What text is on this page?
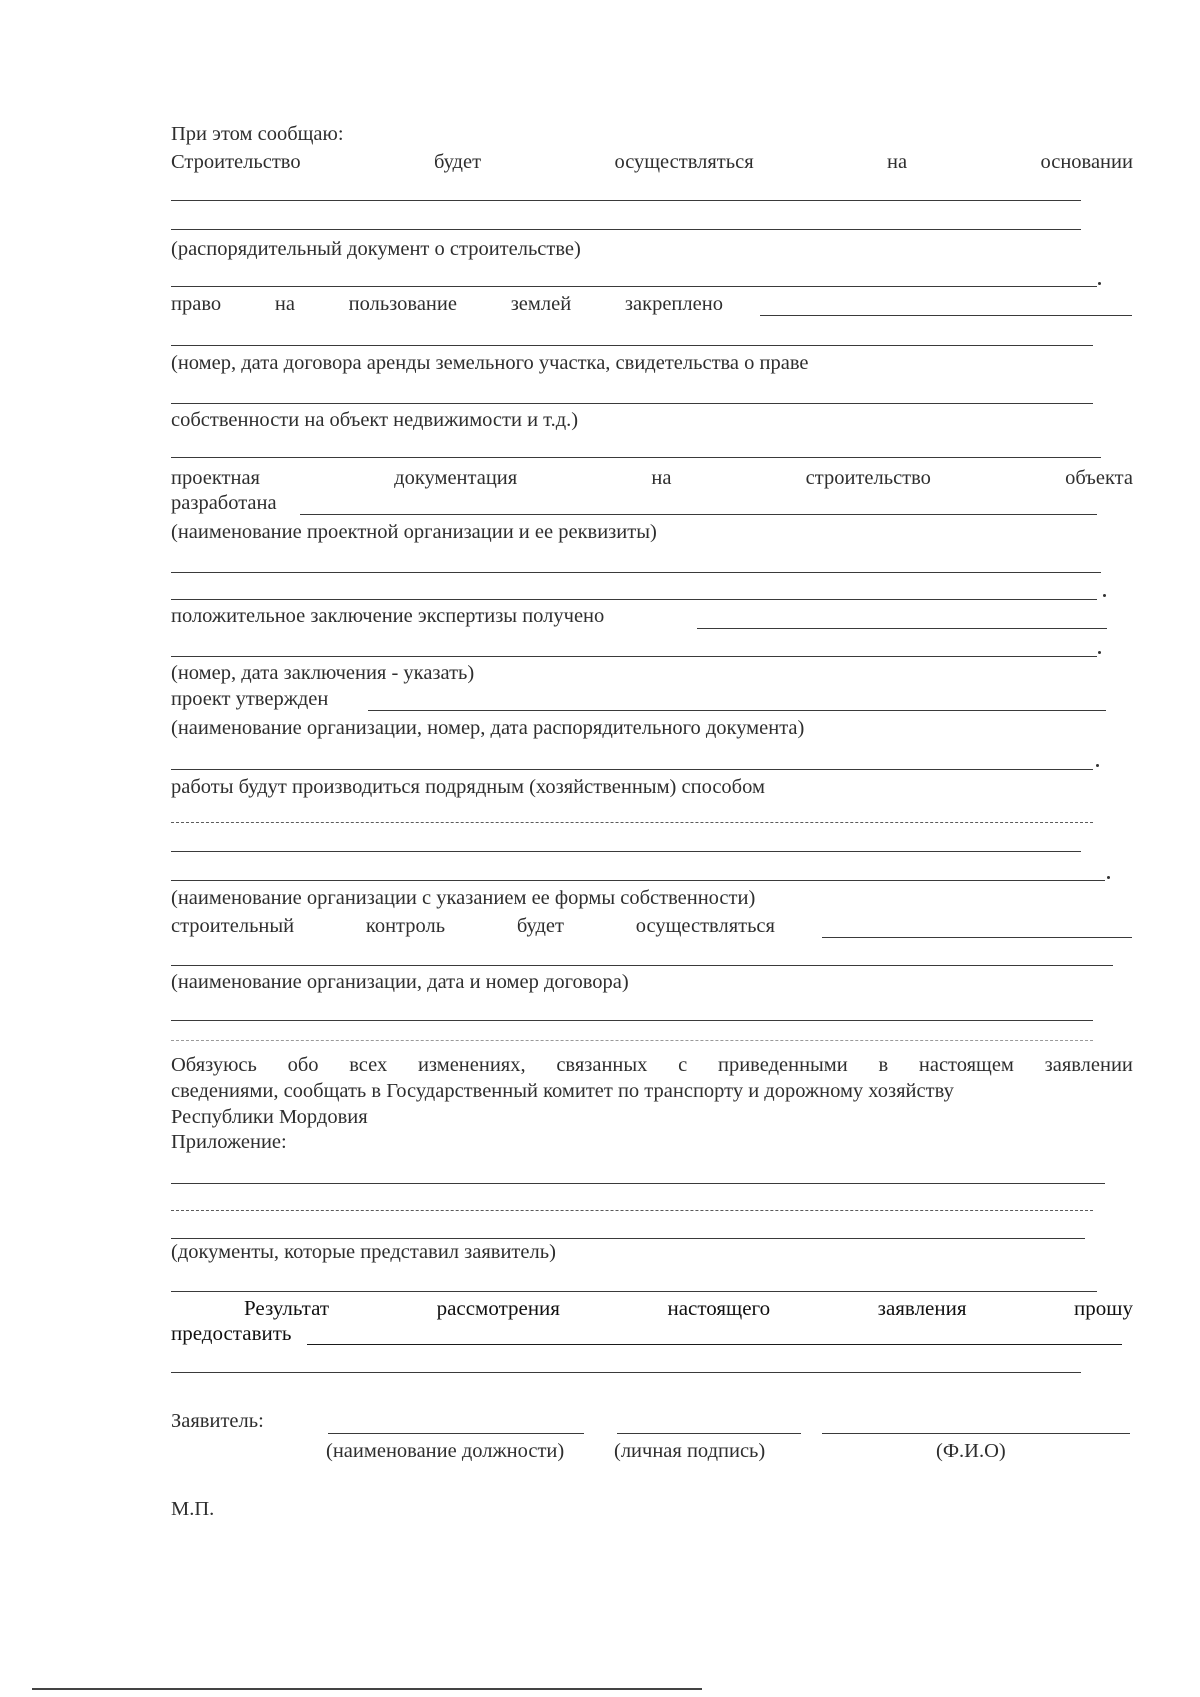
При этом сообщаю:
Строительство	будет	осуществляться	на	основании
(распорядительный документ о строительстве)
право	на	пользование	землей	закреплено
(номер, дата договора аренды земельного участка, свидетельства о праве
собственности на объект недвижимости и т.д.)
проектная	документация	на	строительство	объекта
разработана
(наименование проектной организации и ее реквизиты)
положительное заключение экспертизы получено
(номер, дата заключения - указать)
проект утвержден
(наименование организации, номер, дата распорядительного документа)
работы будут производиться подрядным (хозяйственным) способом
(наименование организации с указанием ее формы собственности)
строительный	контроль	будет	осуществляться
(наименование организации, дата и номер договора)
Обязуюсь обо всех изменениях, связанных с приведенными в настоящем заявлении
сведениями, сообщать в Государственный комитет по транспорту и дорожному хозяйству
Республики Мордовия
Приложение:
(документы, которые представил заявитель)
Результат	рассмотрения	настоящего	заявления	прошу
предоставить
Заявитель:
(наименование должности) (личная подпись)	(Ф.И.О)
М.П.
